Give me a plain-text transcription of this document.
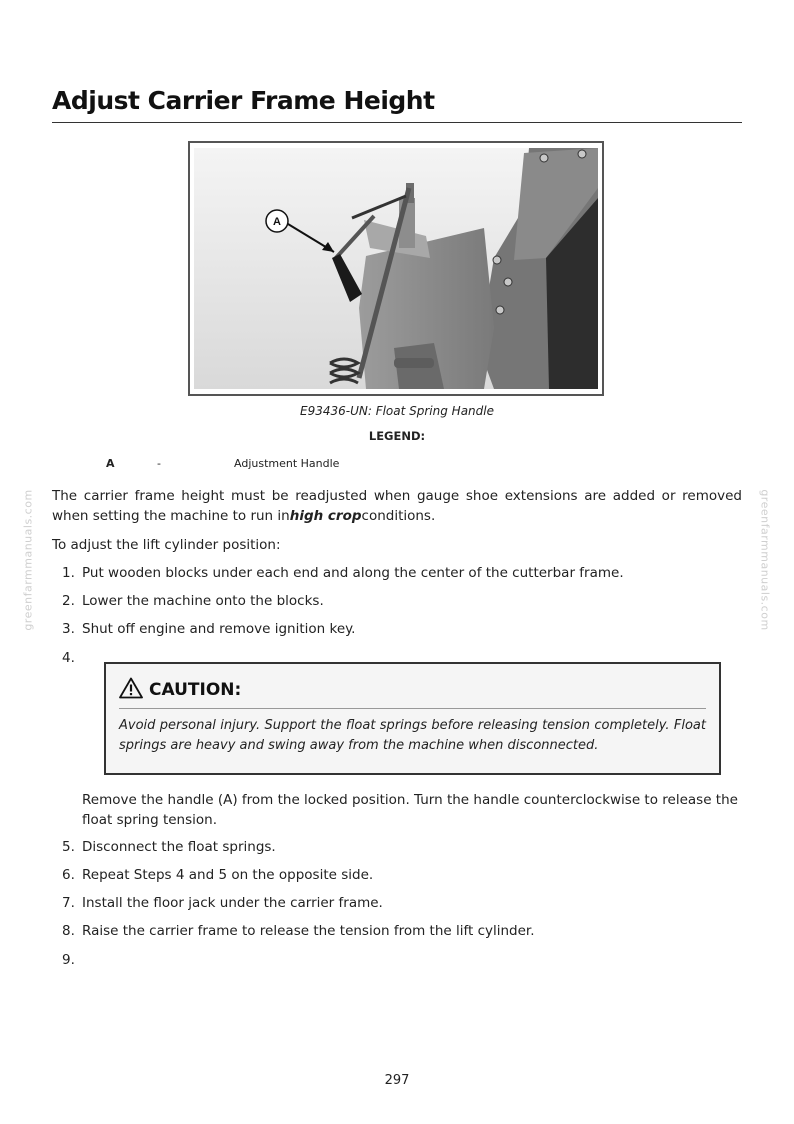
Adjust Carrier Frame Height
greenfarmmanuals.com	greenfarmmanuals.com
A
E93436-UN: Float Spring Handle
LEGEND:
A	-	Adjustment Handle
The carrier frame height must be readjusted when gauge shoe extensions are added or removed when setting the machine to run inhigh cropconditions.
To adjust the lift cylinder position:
1. Put wooden blocks under each end and along the center of the cutterbar frame.
2. Lower the machine onto the blocks.
3. Shut off engine and remove ignition key.
4.
CAUTION:
Avoid personal injury. Support the float springs before releasing tension completely. Float springs are heavy and swing away from the machine when disconnected.
Remove the handle (A) from the locked position. Turn the handle counterclockwise to release the float spring tension.
5. Disconnect the float springs.
6. Repeat Steps 4 and 5 on the opposite side.
7. Install the floor jack under the carrier frame.
8. Raise the carrier frame to release the tension from the lift cylinder.
9.
297
